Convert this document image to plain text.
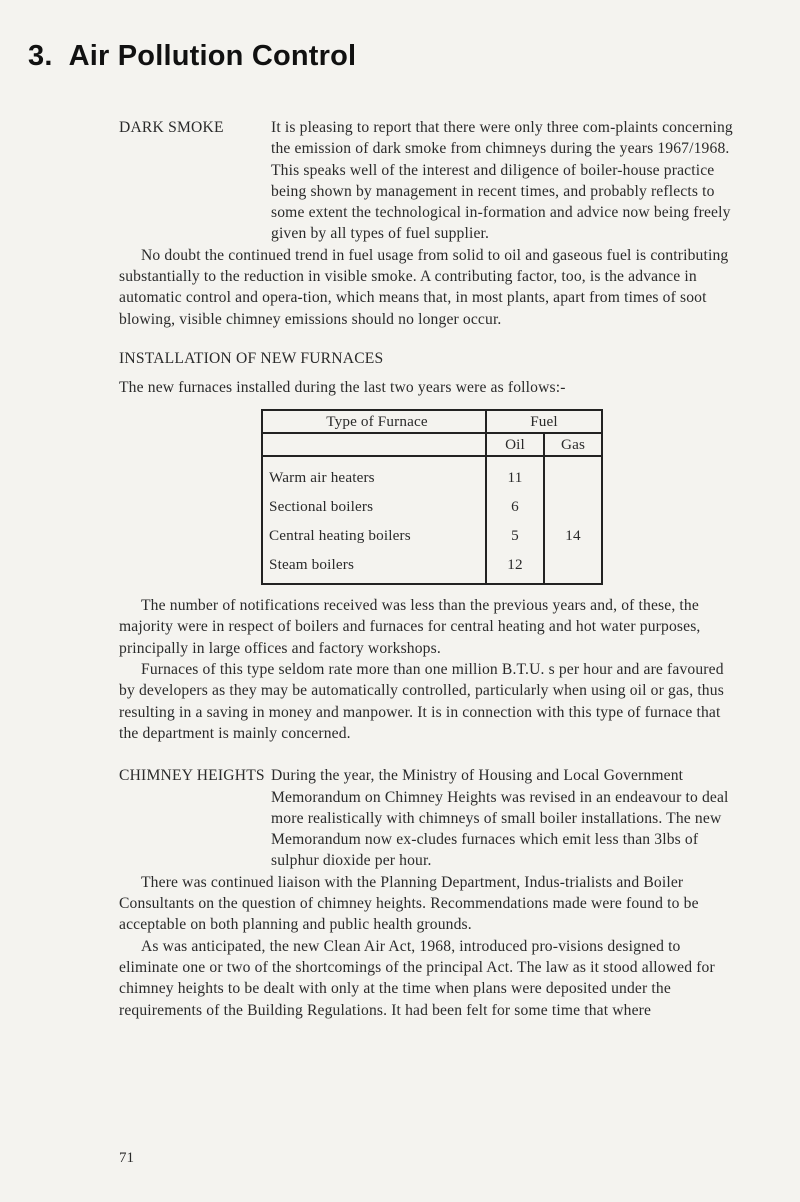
3. Air Pollution Control

DARK SMOKE	It is pleasing to report that there were only three com-plaints concerning the emission of dark smoke from chimneys during the years 1967/1968. This speaks well of the interest and diligence of boiler-house practice being shown by management in recent times, and probably reflects to some extent the technological in-formation and advice now being freely given by all types of fuel supplier.

No doubt the continued trend in fuel usage from solid to oil and gaseous fuel is contributing substantially to the reduction in visible smoke. A contributing factor, too, is the advance in automatic control and opera-tion, which means that, in most plants, apart from times of soot blowing, visible chimney emissions should no longer occur.

INSTALLATION OF NEW FURNACES

The new furnaces installed during the last two years were as follows:-

Type of Furnace	Fuel	
	Oil	Gas
Warm air heaters	11	
Sectional boilers	6	
Central heating boilers	5	14
Steam boilers	12	

The number of notifications received was less than the previous years and, of these, the majority were in respect of boilers and furnaces for central heating and hot water purposes, principally in large offices and factory workshops.

Furnaces of this type seldom rate more than one million B.T.U. s per hour and are favoured by developers as they may be automatically controlled, particularly when using oil or gas, thus resulting in a saving in money and manpower. It is in connection with this type of furnace that the department is mainly concerned.

CHIMNEY HEIGHTS During the year, the Ministry of Housing and Local Government Memorandum on Chimney Heights was revised in an endeavour to deal more realistically with chimneys of small boiler installations. The new Memorandum now ex-cludes furnaces which emit less than 3lbs of sulphur dioxide per hour.

There was continued liaison with the Planning Department, Indus-trialists and Boiler Consultants on the question of chimney heights. Recommendations made were found to be acceptable on both planning and public health grounds.

As was anticipated, the new Clean Air Act, 1968, introduced pro-visions designed to eliminate one or two of the shortcomings of the principal Act. The law as it stood allowed for chimney heights to be dealt with only at the time when plans were deposited under the requirements of the Building Regulations. It had been felt for some time that where

71
